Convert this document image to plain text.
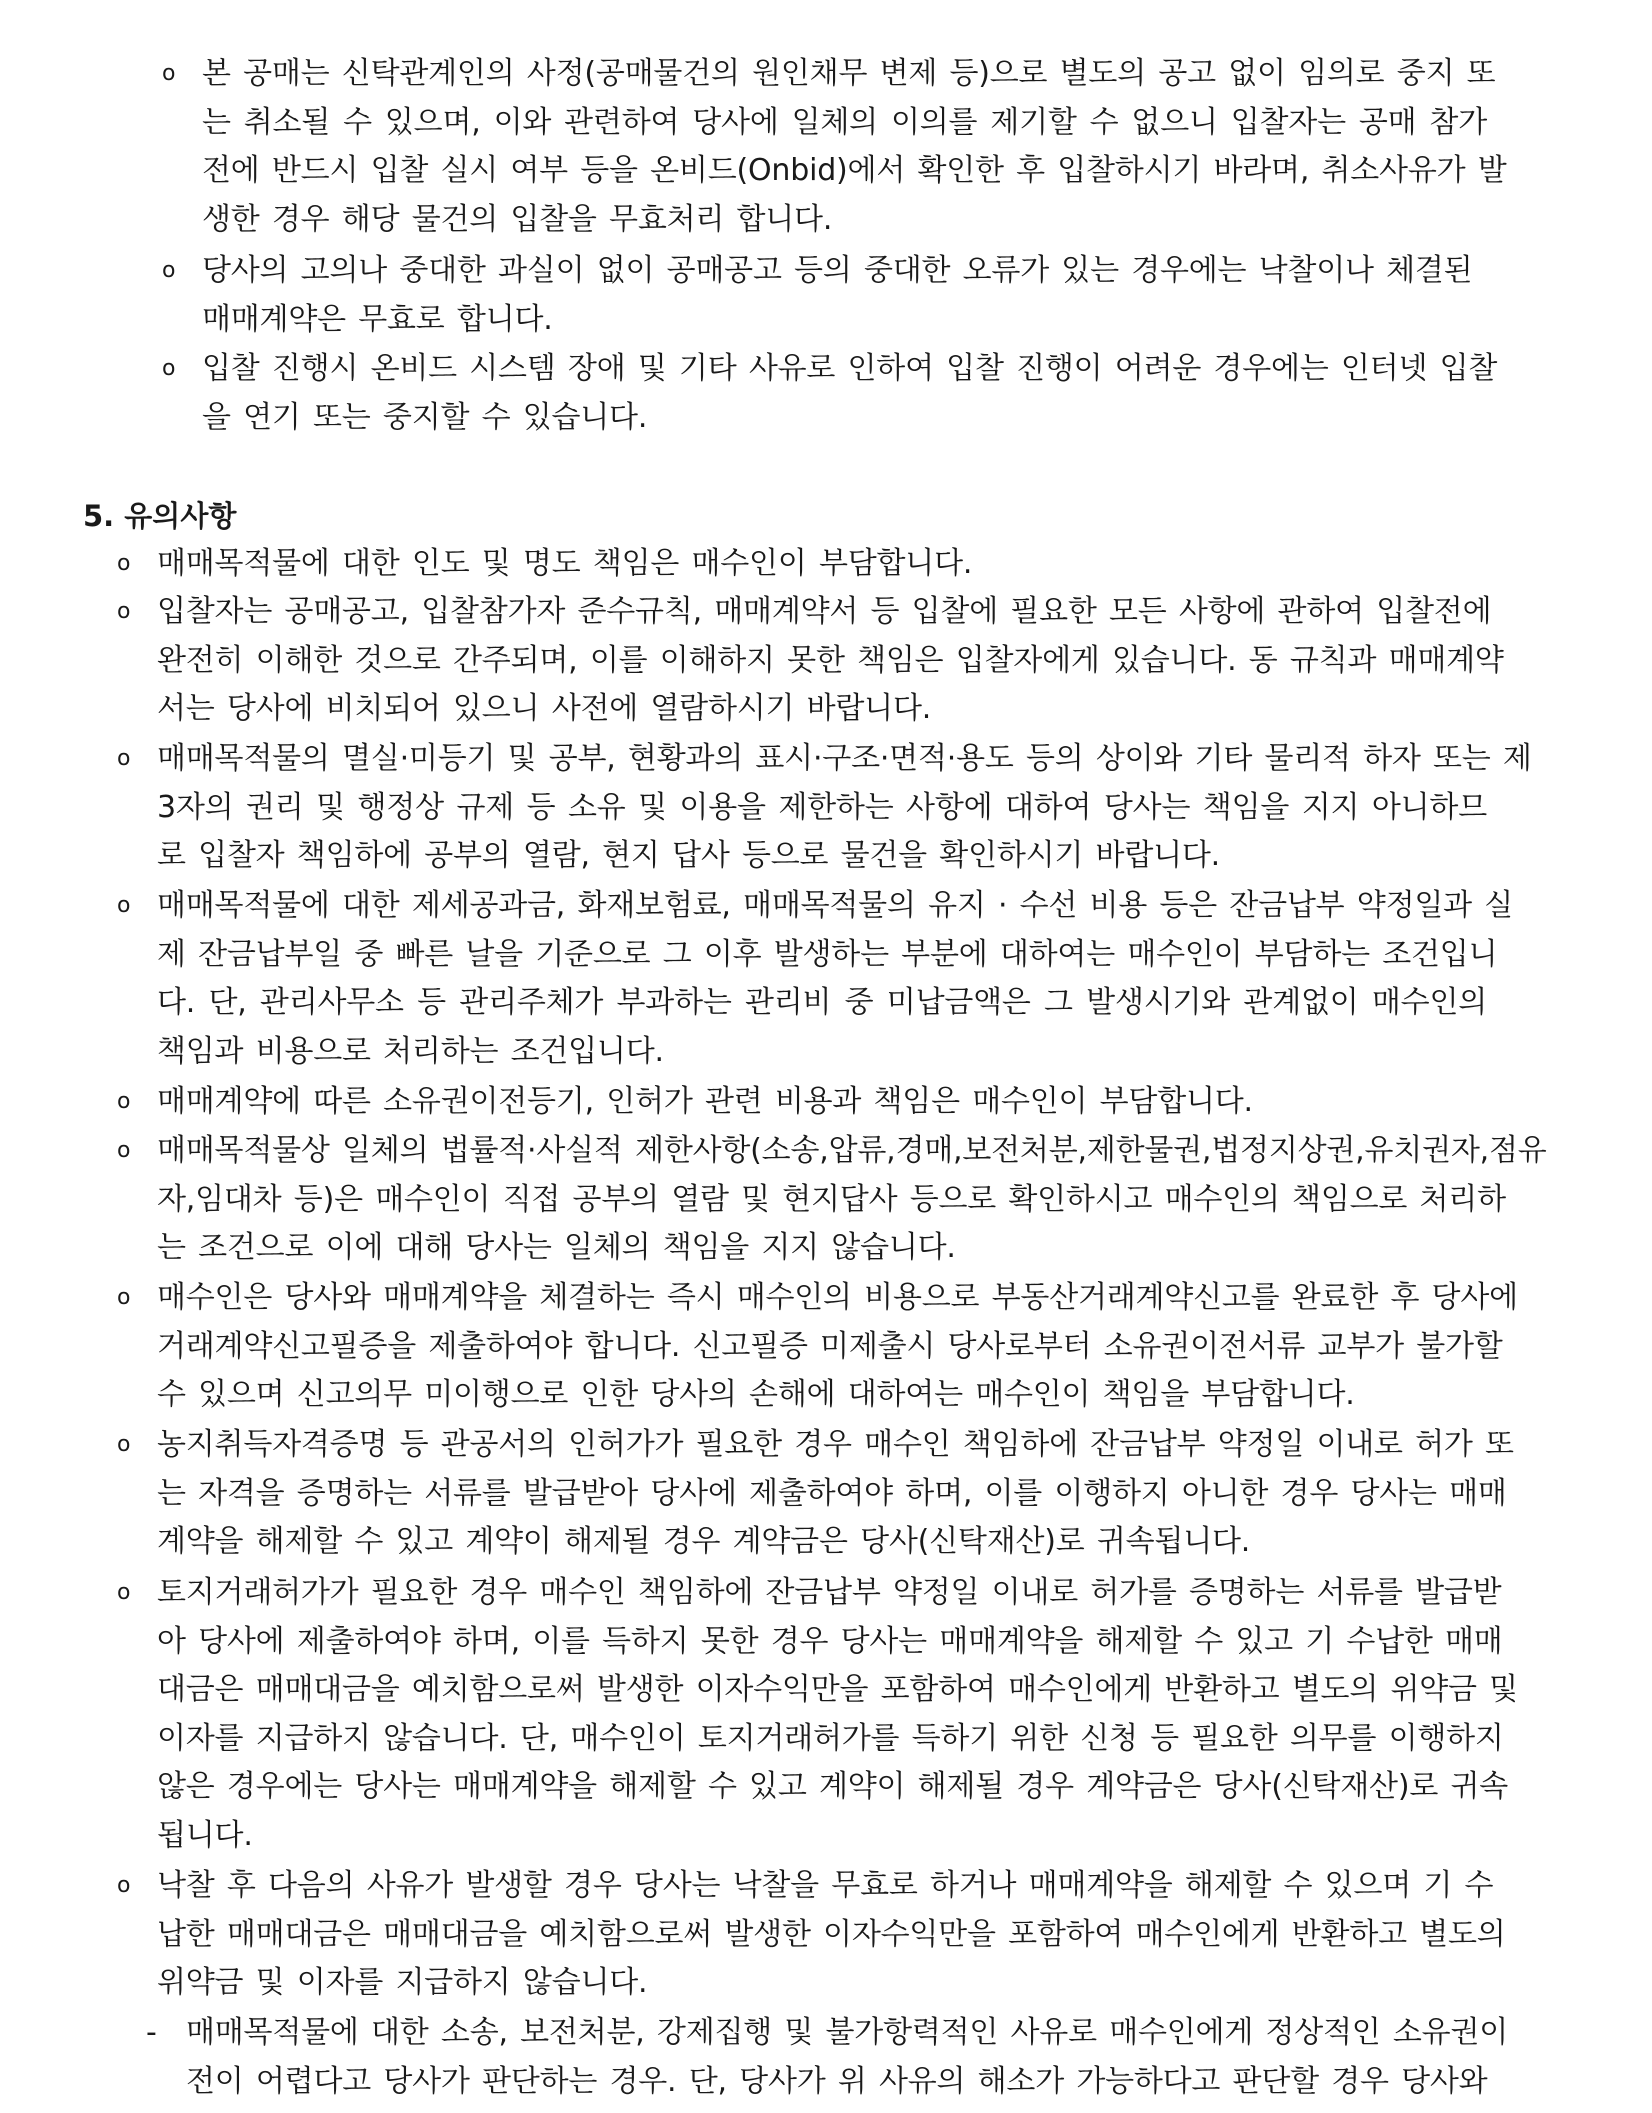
o 본 공매는 신탁관계인의 사정(공매물건의 원인채무 변제 등)으로 별도의 공고 없이 임의로 중지 또
는 취소될 수 있으며, 이와 관련하여 당사에 일체의 이의를 제기할 수 없으니 입찰자는 공매 참가
전에 반드시 입찰 실시 여부 등을 온비드(Onbid)에서 확인한 후 입찰하시기 바라며, 취소사유가 발
생한 경우 해당 물건의 입찰을 무효처리 합니다.
o 당사의 고의나 중대한 과실이 없이 공매공고 등의 중대한 오류가 있는 경우에는 낙찰이나 체결된
매매계약은 무효로 합니다.
o 입찰 진행시 온비드 시스템 장애 및 기타 사유로 인하여 입찰 진행이 어려운 경우에는 인터넷 입찰
을 연기 또는 중지할 수 있습니다.
5. 유의사항
o 매매목적물에 대한 인도 및 명도 책임은 매수인이 부담합니다.
o 입찰자는 공매공고, 입찰참가자 준수규칙, 매매계약서 등 입찰에 필요한 모든 사항에 관하여 입찰전에
완전히 이해한 것으로 간주되며, 이를 이해하지 못한 책임은 입찰자에게 있습니다. 동 규칙과 매매계약
서는 당사에 비치되어 있으니 사전에 열람하시기 바랍니다.
o 매매목적물의 멸실·미등기 및 공부, 현황과의 표시·구조·면적·용도 등의 상이와 기타 물리적 하자 또는 제
3자의 권리 및 행정상 규제 등 소유 및 이용을 제한하는 사항에 대하여 당사는 책임을 지지 아니하므
로 입찰자 책임하에 공부의 열람, 현지 답사 등으로 물건을 확인하시기 바랍니다.
o 매매목적물에 대한 제세공과금, 화재보험료, 매매목적물의 유지 · 수선 비용 등은 잔금납부 약정일과 실
제 잔금납부일 중 빠른 날을 기준으로 그 이후 발생하는 부분에 대하여는 매수인이 부담하는 조건입니
다. 단, 관리사무소 등 관리주체가 부과하는 관리비 중 미납금액은 그 발생시기와 관계없이 매수인의
책임과 비용으로 처리하는 조건입니다.
o 매매계약에 따른 소유권이전등기, 인허가 관련 비용과 책임은 매수인이 부담합니다.
o 매매목적물상 일체의 법률적·사실적 제한사항(소송,압류,경매,보전처분,제한물권,법정지상권,유치권자,점유
자,임대차 등)은 매수인이 직접 공부의 열람 및 현지답사 등으로 확인하시고 매수인의 책임으로 처리하
는 조건으로 이에 대해 당사는 일체의 책임을 지지 않습니다.
o 매수인은 당사와 매매계약을 체결하는 즉시 매수인의 비용으로 부동산거래계약신고를 완료한 후 당사에
거래계약신고필증을 제출하여야 합니다. 신고필증 미제출시 당사로부터 소유권이전서류 교부가 불가할
수 있으며 신고의무 미이행으로 인한 당사의 손해에 대하여는 매수인이 책임을 부담합니다.
o 농지취득자격증명 등 관공서의 인허가가 필요한 경우 매수인 책임하에 잔금납부 약정일 이내로 허가 또
는 자격을 증명하는 서류를 발급받아 당사에 제출하여야 하며, 이를 이행하지 아니한 경우 당사는 매매
계약을 해제할 수 있고 계약이 해제될 경우 계약금은 당사(신탁재산)로 귀속됩니다.
o 토지거래허가가 필요한 경우 매수인 책임하에 잔금납부 약정일 이내로 허가를 증명하는 서류를 발급받
아 당사에 제출하여야 하며, 이를 득하지 못한 경우 당사는 매매계약을 해제할 수 있고 기 수납한 매매
대금은 매매대금을 예치함으로써 발생한 이자수익만을 포함하여 매수인에게 반환하고 별도의 위약금 및
이자를 지급하지 않습니다. 단, 매수인이 토지거래허가를 득하기 위한 신청 등 필요한 의무를 이행하지
않은 경우에는 당사는 매매계약을 해제할 수 있고 계약이 해제될 경우 계약금은 당사(신탁재산)로 귀속
됩니다.
o 낙찰 후 다음의 사유가 발생할 경우 당사는 낙찰을 무효로 하거나 매매계약을 해제할 수 있으며 기 수
납한 매매대금은 매매대금을 예치함으로써 발생한 이자수익만을 포함하여 매수인에게 반환하고 별도의
위약금 및 이자를 지급하지 않습니다.
- 매매목적물에 대한 소송, 보전처분, 강제집행 및 불가항력적인 사유로 매수인에게 정상적인 소유권이
전이 어렵다고 당사가 판단하는 경우. 단, 당사가 위 사유의 해소가 가능하다고 판단할 경우 당사와
